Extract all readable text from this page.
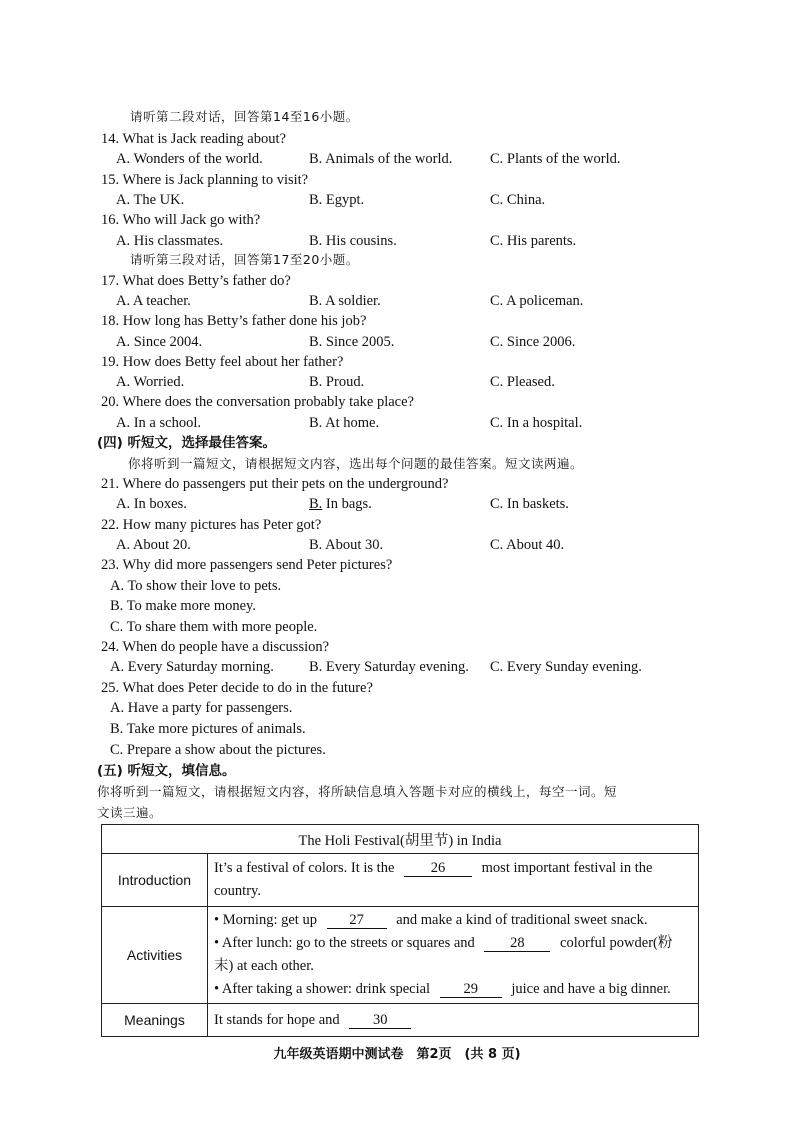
请听第二段对话，回答第14至16小题。
14. What is Jack reading about?
A. Wonders of the world.	B. Animals of the world.	C. Plants of the world.
15. Where is Jack planning to visit?
A. The UK.	B. Egypt.	C. China.
16. Who will Jack go with?
A. His classmates.	B. His cousins.	C. His parents.
请听第三段对话，回答第17至20小题。
17. What does Betty’s father do?
A. A teacher.	B. A soldier.	C. A policeman.
18. How long has Betty’s father done his job?
A. Since 2004.	B. Since 2005.	C. Since 2006.
19. How does Betty feel about her father?
A. Worried.	B. Proud.	C. Pleased.
20. Where does the conversation probably take place?
A. In a school.	B. At home.	C. In a hospital.
(四) 听短文，选择最佳答案。
你将听到一篇短文，请根据短文内容，选出每个问题的最佳答案。短文读两遍。
21. Where do passengers put their pets on the underground?
A. In boxes.	B. In bags.	C. In baskets.
22. How many pictures has Peter got?
A. About 20.	B. About 30.	C. About 40.
23. Why did more passengers send Peter pictures?
A. To show their love to pets.
B. To make more money.
C. To share them with more people.
24. When do people have a discussion?
A. Every Saturday morning. B. Every Saturday evening. C. Every Sunday evening.
25. What does Peter decide to do in the future?
A. Have a party for passengers.
B. Take more pictures of animals.
C. Prepare a show about the pictures.
(五) 听短文，填信息。
你将听到一篇短文，请根据短文内容，将所缺信息填入答题卡对应的横线上，每空一词。短
文读三遍。
The Holi Festival(胡里节) in India	
Introduction	It’s a festival of colors. It is the 26 most important festival in the
country.

Activities	• Morning: get up 27 and make a kind of traditional sweet snack.
• After lunch: go to the streets or squares and 28 colorful powder(粉
末) at each other.
• After taking a shower: drink special 29 juice and have a big dinner.

Meanings	It stands for hope and 30
九年级英语期中测试卷　第2页　(共 8 页)
